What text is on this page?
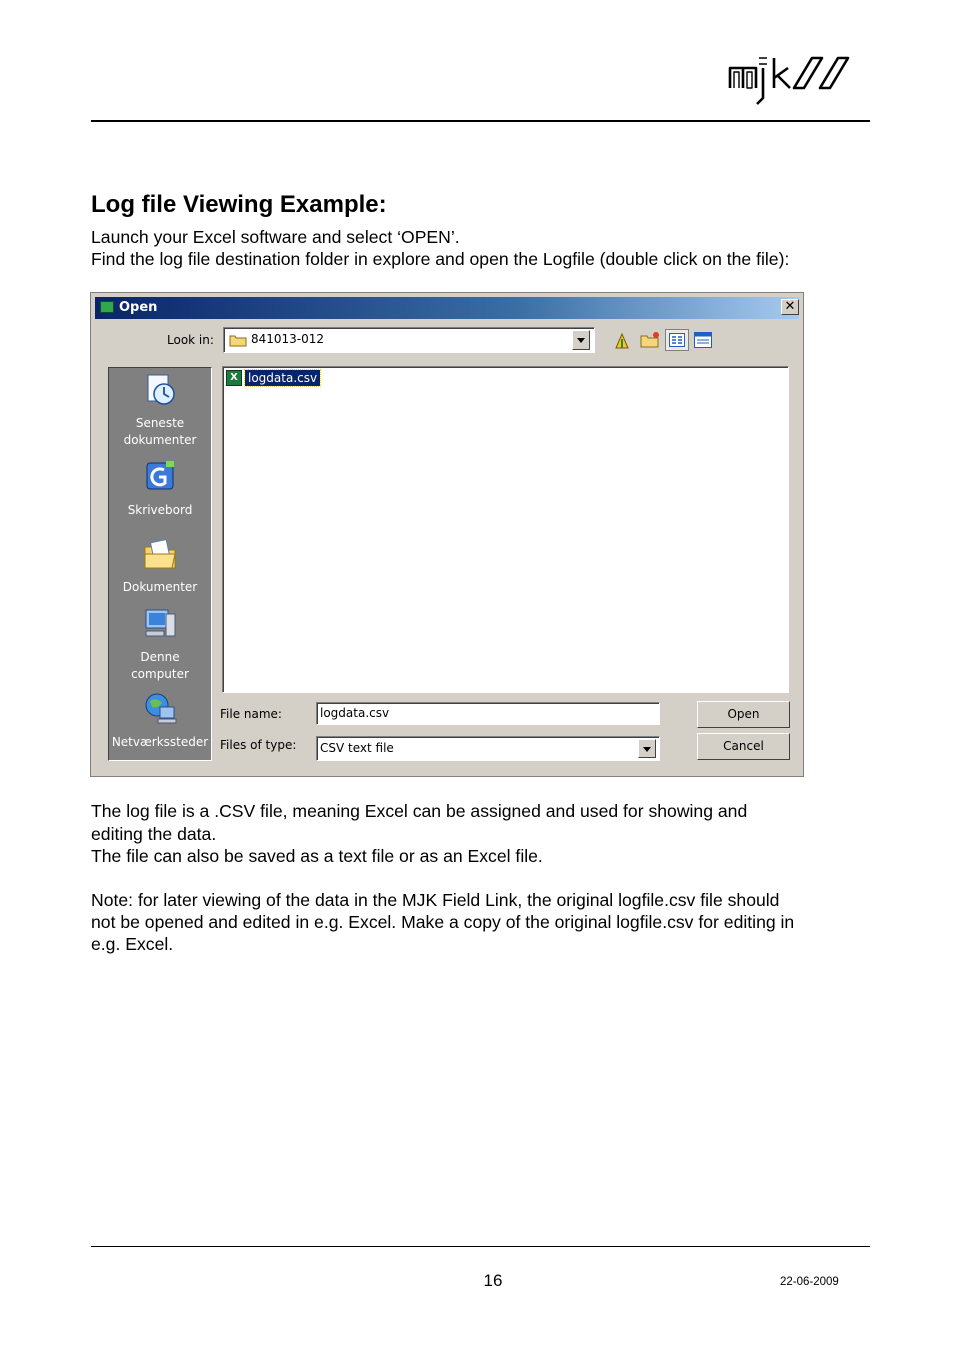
Log file Viewing Example:
Launch your Excel software and select ‘OPEN’.
Find the log file destination folder in explore and open the Logfile (double click on the file):
Open	✕
Look in:	841013-012
Seneste dokumenter
Skrivebord
Dokumenter
Denne computer
Netværkssteder
X logdata.csv
File name:	logdata.csv	Open
Files of type: CSV text file	Cancel
The log file is a .CSV file, meaning Excel can be assigned and used for showing and
editing the data.
The file can also be saved as a text file or as an Excel file.
Note: for later viewing of the data in the MJK Field Link, the original logfile.csv file should
not be opened and edited in e.g. Excel. Make a copy of the original logfile.csv for editing in
e.g. Excel.
16	22-06-2009
